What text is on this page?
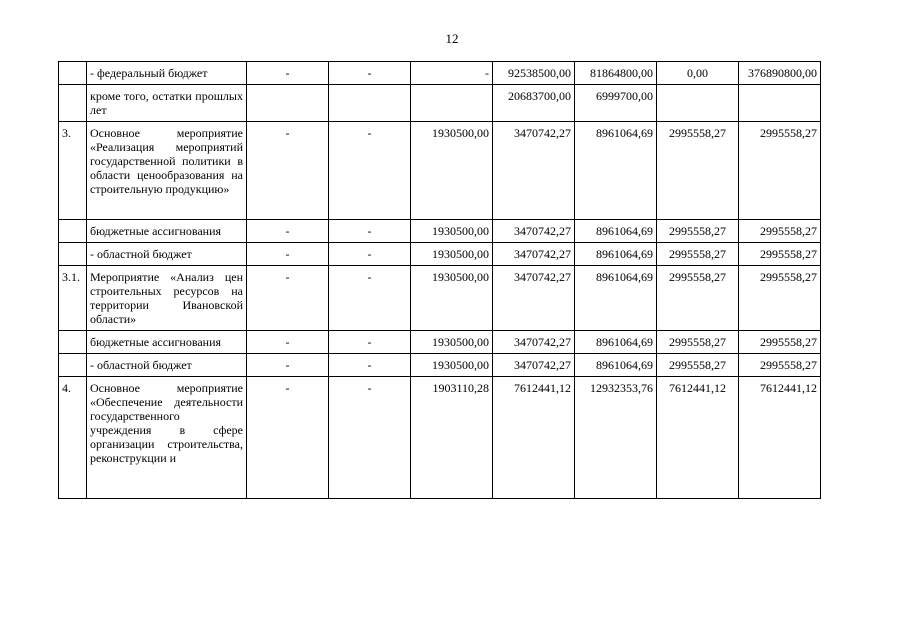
12
	- федеральный бюджет	-	-	-	92538500,00	81864800,00	0,00	376890800,00
	кроме того, остатки прошлых лет				20683700,00	6999700,00		
3.	Основное мероприятие «Реализация мероприятий государственной политики в области ценообразования на строительную продукцию»	-	-	1930500,00	3470742,27	8961064,69	2995558,27	2995558,27
	бюджетные ассигнования	-	-	1930500,00	3470742,27	8961064,69	2995558,27	2995558,27
	- областной бюджет	-	-	1930500,00	3470742,27	8961064,69	2995558,27	2995558,27
3.1.	Мероприятие «Анализ цен строительных ресурсов на территории Ивановской области»	-	-	1930500,00	3470742,27	8961064,69	2995558,27	2995558,27
	бюджетные ассигнования	-	-	1930500,00	3470742,27	8961064,69	2995558,27	2995558,27
	- областной бюджет	-	-	1930500,00	3470742,27	8961064,69	2995558,27	2995558,27
4.	Основное мероприятие «Обеспечение деятельности государственного учреждения в сфере организации строительства, реконструкции и	-	-	1903110,28	7612441,12	12932353,76	7612441,12	7612441,12
